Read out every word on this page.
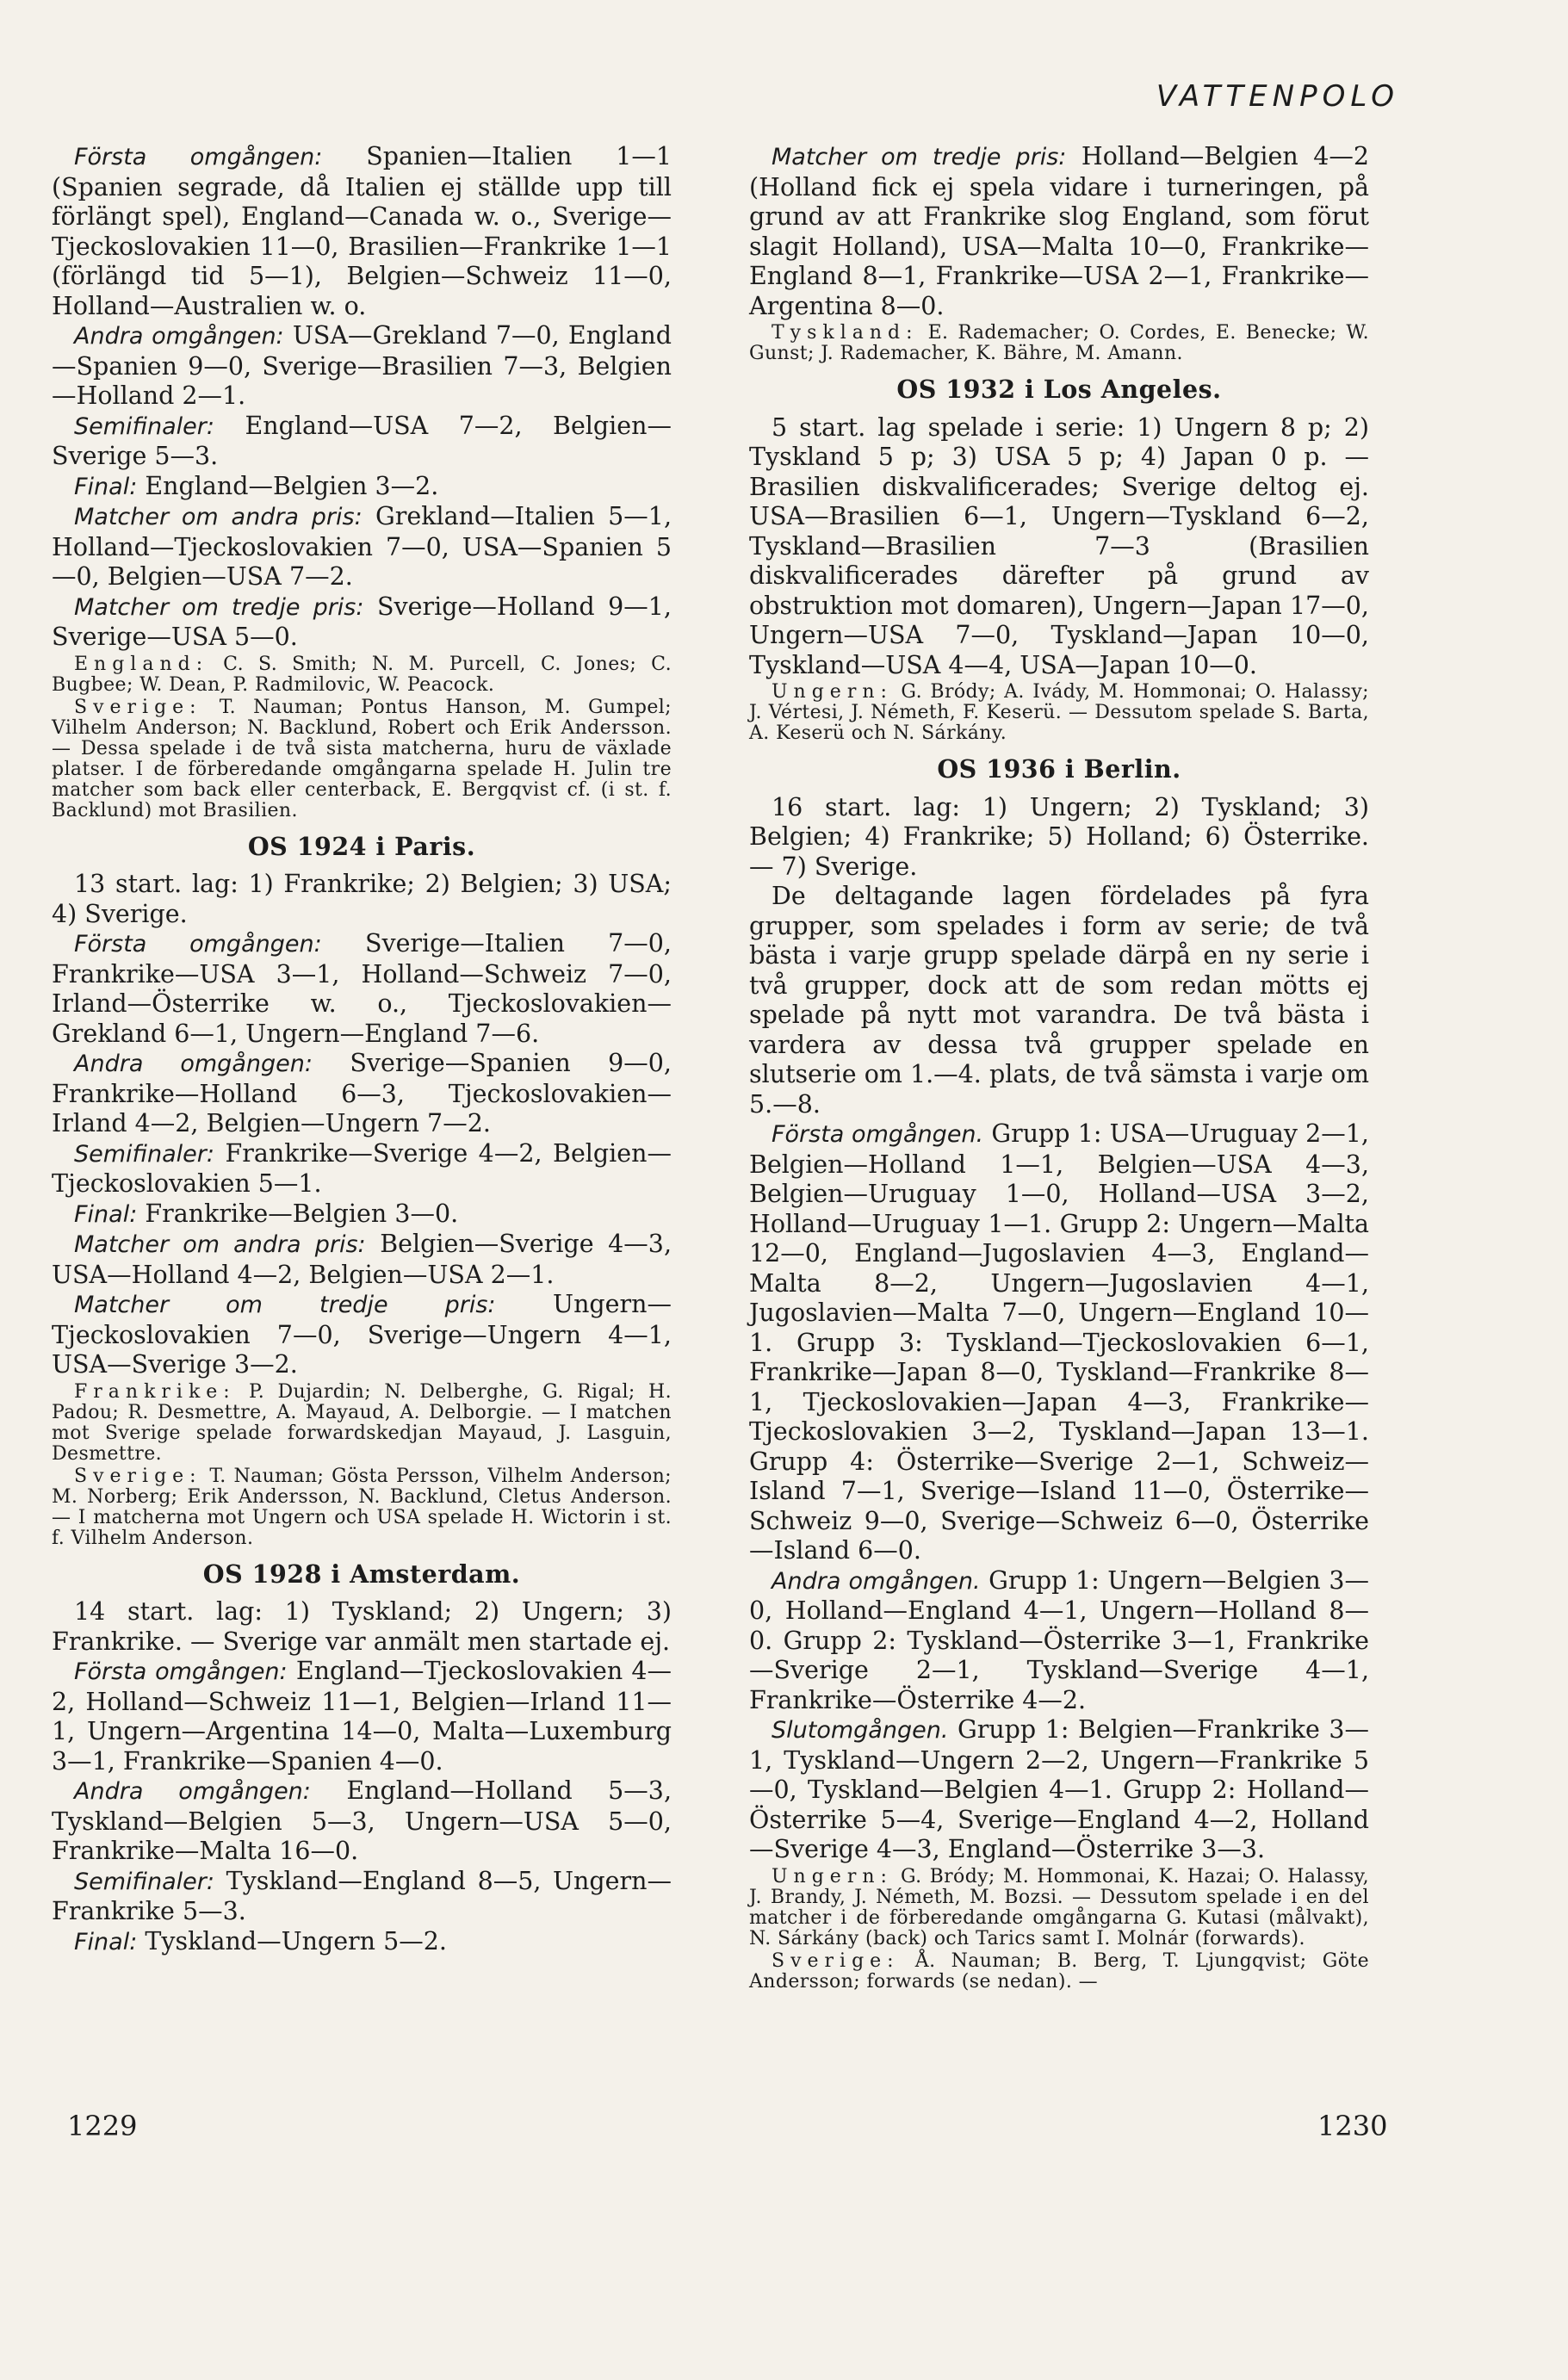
VATTENPOLO

Första omgången: Spanien—Italien 1—1 (Spanien segrade, då Italien ej ställde upp till förlängt spel), England—Canada w. o., Sverige—Tjeckoslovakien 11—0, Brasilien—Frankrike 1—1 (förlängd tid 5—1), Belgien—Schweiz 11—0, Holland—Australien w. o.

Andra omgången: USA—Grekland 7—0, England—Spanien 9—0, Sverige—Brasilien 7—3, Belgien—Holland 2—1.

Semifinaler: England—USA 7—2, Belgien—Sverige 5—3.

Final: England—Belgien 3—2.

Matcher om andra pris: Grekland—Italien 5—1, Holland—Tjeckoslovakien 7—0, USA—Spanien 5—0, Belgien—USA 7—2.

Matcher om tredje pris: Sverige—Holland 9—1, Sverige—USA 5—0.

England: C. S. Smith; N. M. Purcell, C. Jones; C. Bugbee; W. Dean, P. Radmilovic, W. Peacock.

Sverige: T. Nauman; Pontus Hanson, M. Gumpel; Vilhelm Anderson; N. Backlund, Robert och Erik Andersson. — Dessa spelade i de två sista matcherna, huru de växlade platser. I de förberedande omgångarna spelade H. Julin tre matcher som back eller centerback, E. Bergqvist cf. (i st. f. Backlund) mot Brasilien.

OS 1924 i Paris.

13 start. lag: 1) Frankrike; 2) Belgien; 3) USA; 4) Sverige.

Första omgången: Sverige—Italien 7—0, Frankrike—USA 3—1, Holland—Schweiz 7—0, Irland—Österrike w. o., Tjeckoslovakien—Grekland 6—1, Ungern—England 7—6.

Andra omgången: Sverige—Spanien 9—0, Frankrike—Holland 6—3, Tjeckoslovakien—Irland 4—2, Belgien—Ungern 7—2.

Semifinaler: Frankrike—Sverige 4—2, Belgien—Tjeckoslovakien 5—1.

Final: Frankrike—Belgien 3—0.

Matcher om andra pris: Belgien—Sverige 4—3, USA—Holland 4—2, Belgien—USA 2—1.

Matcher om tredje pris: Ungern—Tjeckoslovakien 7—0, Sverige—Ungern 4—1, USA—Sverige 3—2.

Frankrike: P. Dujardin; N. Delberghe, G. Rigal; H. Padou; R. Desmettre, A. Mayaud, A. Delborgie. — I matchen mot Sverige spelade forwardskedjan Mayaud, J. Lasguin, Desmettre.

Sverige: T. Nauman; Gösta Persson, Vilhelm Anderson; M. Norberg; Erik Andersson, N. Backlund, Cletus Anderson. — I matcherna mot Ungern och USA spelade H. Wictorin i st. f. Vilhelm Anderson.

OS 1928 i Amsterdam.

14 start. lag: 1) Tyskland; 2) Ungern; 3) Frankrike. — Sverige var anmält men startade ej.

Första omgången: England—Tjeckoslovakien 4—2, Holland—Schweiz 11—1, Belgien—Irland 11—1, Ungern—Argentina 14—0, Malta—Luxemburg 3—1, Frankrike—Spanien 4—0.

Andra omgången: England—Holland 5—3, Tyskland—Belgien 5—3, Ungern—USA 5—0, Frankrike—Malta 16—0.

Semifinaler: Tyskland—England 8—5, Ungern—Frankrike 5—3.

Final: Tyskland—Ungern 5—2.

Matcher om tredje pris: Holland—Belgien 4—2 (Holland fick ej spela vidare i turneringen, på grund av att Frankrike slog England, som förut slagit Holland), USA—Malta 10—0, Frankrike—England 8—1, Frankrike—USA 2—1, Frankrike—Argentina 8—0.

Tyskland: E. Rademacher; O. Cordes, E. Benecke; W. Gunst; J. Rademacher, K. Bähre, M. Amann.

OS 1932 i Los Angeles.

5 start. lag spelade i serie: 1) Ungern 8 p; 2) Tyskland 5 p; 3) USA 5 p; 4) Japan 0 p. — Brasilien diskvalificerades; Sverige deltog ej. USA—Brasilien 6—1, Ungern—Tyskland 6—2, Tyskland—Brasilien 7—3 (Brasilien diskvalificerades därefter på grund av obstruktion mot domaren), Ungern—Japan 17—0, Ungern—USA 7—0, Tyskland—Japan 10—0, Tyskland—USA 4—4, USA—Japan 10—0.

Ungern: G. Bródy; A. Ivády, M. Hommonai; O. Halassy; J. Vértesi, J. Németh, F. Keserü. — Dessutom spelade S. Barta, A. Keserü och N. Sárkány.

OS 1936 i Berlin.

16 start. lag: 1) Ungern; 2) Tyskland; 3) Belgien; 4) Frankrike; 5) Holland; 6) Österrike. — 7) Sverige.

De deltagande lagen fördelades på fyra grupper, som spelades i form av serie; de två bästa i varje grupp spelade därpå en ny serie i två grupper, dock att de som redan mötts ej spelade på nytt mot varandra. De två bästa i vardera av dessa två grupper spelade en slutserie om 1.—4. plats, de två sämsta i varje om 5.—8.

Första omgången. Grupp 1: USA—Uruguay 2—1, Belgien—Holland 1—1, Belgien—USA 4—3, Belgien—Uruguay 1—0, Holland—USA 3—2, Holland—Uruguay 1—1. Grupp 2: Ungern—Malta 12—0, England—Jugoslavien 4—3, England—Malta 8—2, Ungern—Jugoslavien 4—1, Jugoslavien—Malta 7—0, Ungern—England 10—1. Grupp 3: Tyskland—Tjeckoslovakien 6—1, Frankrike—Japan 8—0, Tyskland—Frankrike 8—1, Tjeckoslovakien—Japan 4—3, Frankrike—Tjeckoslovakien 3—2, Tyskland—Japan 13—1. Grupp 4: Österrike—Sverige 2—1, Schweiz—Island 7—1, Sverige—Island 11—0, Österrike—Schweiz 9—0, Sverige—Schweiz 6—0, Österrike—Island 6—0.

Andra omgången. Grupp 1: Ungern—Belgien 3—0, Holland—England 4—1, Ungern—Holland 8—0. Grupp 2: Tyskland—Österrike 3—1, Frankrike—Sverige 2—1, Tyskland—Sverige 4—1, Frankrike—Österrike 4—2.

Slutomgången. Grupp 1: Belgien—Frankrike 3—1, Tyskland—Ungern 2—2, Ungern—Frankrike 5—0, Tyskland—Belgien 4—1. Grupp 2: Holland—Österrike 5—4, Sverige—England 4—2, Holland—Sverige 4—3, England—Österrike 3—3.

Ungern: G. Bródy; M. Hommonai, K. Hazai; O. Halassy, J. Brandy, J. Németh, M. Bozsi. — Dessutom spelade i en del matcher i de förberedande omgångarna G. Kutasi (målvakt), N. Sárkány (back) och Tarics samt I. Molnár (forwards).

Sverige: Å. Nauman; B. Berg, T. Ljungqvist; Göte Andersson; forwards (se nedan). —

1229	1230
